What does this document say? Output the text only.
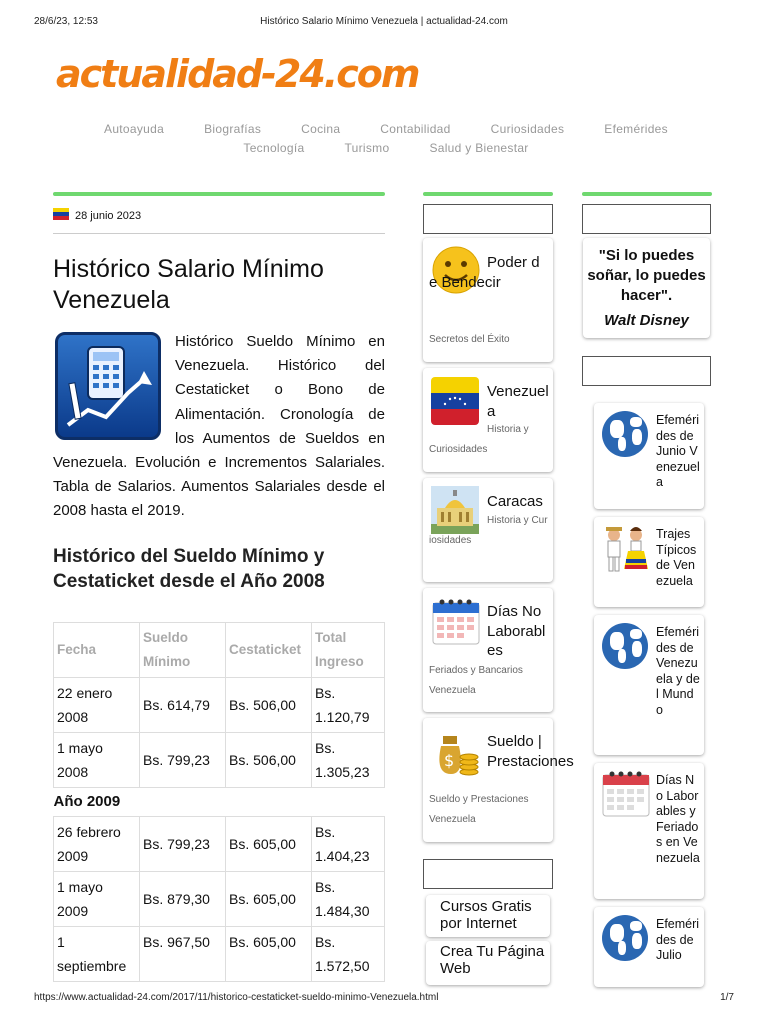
28/6/23, 12:53	Histórico Salario Mínimo Venezuela | actualidad-24.com
actualidad-24.com
Autoayuda	Biografías	Cocina	Contabilidad	Curiosidades	Efemérides
Tecnología	Turismo	Salud y Bienestar
28 junio 2023
Histórico Salario Mínimo Venezuela
Histórico Sueldo Mínimo en Venezuela. Histórico del Cestaticket o Bono de Alimentación. Cronología de los Aumentos de Sueldos en Venezuela. Evolución e Incrementos Salariales. Tabla de Salarios. Aumentos Salariales desde el 2008 hasta el 2019.
Histórico del Sueldo Mínimo y Cestaticket desde el Año 2008
Fecha	Sueldo Mínimo	Cestaticket	Total Ingreso
22 enero 2008	Bs. 614,79	Bs. 506,00	Bs. 1.120,79
1 mayo 2008	Bs. 799,23	Bs. 506,00	Bs. 1.305,23
Año 2009			
26 febrero 2009	Bs. 799,23	Bs. 605,00	Bs. 1.404,23
1 mayo 2009	Bs. 879,30	Bs. 605,00	Bs. 1.484,30
1 septiembre	Bs. 967,50	Bs. 605,00	Bs. 1.572,50
Poder de Bendecir
Secretos del Éxito
Venezuela
Historia y Curiosidades
Caracas
Historia y Curiosidades
Días No Laborables
Feriados y Bancarios Venezuela
$
Sueldo | Prestaciones
Sueldo y Prestaciones Venezuela
Cursos Gratis por Internet
Crea Tu Página Web
"Si lo puedes soñar, lo puedes hacer".
Walt Disney
Efemérides de Junio Venezuela
Trajes Típicos de Venezuela
Efemérides de Venezuela y del Mundo
Días No Laborables y Feriados en Venezuela
Efemérides de Julio
https://www.actualidad-24.com/2017/11/historico-cestaticket-sueldo-minimo-Venezuela.html	1/7
